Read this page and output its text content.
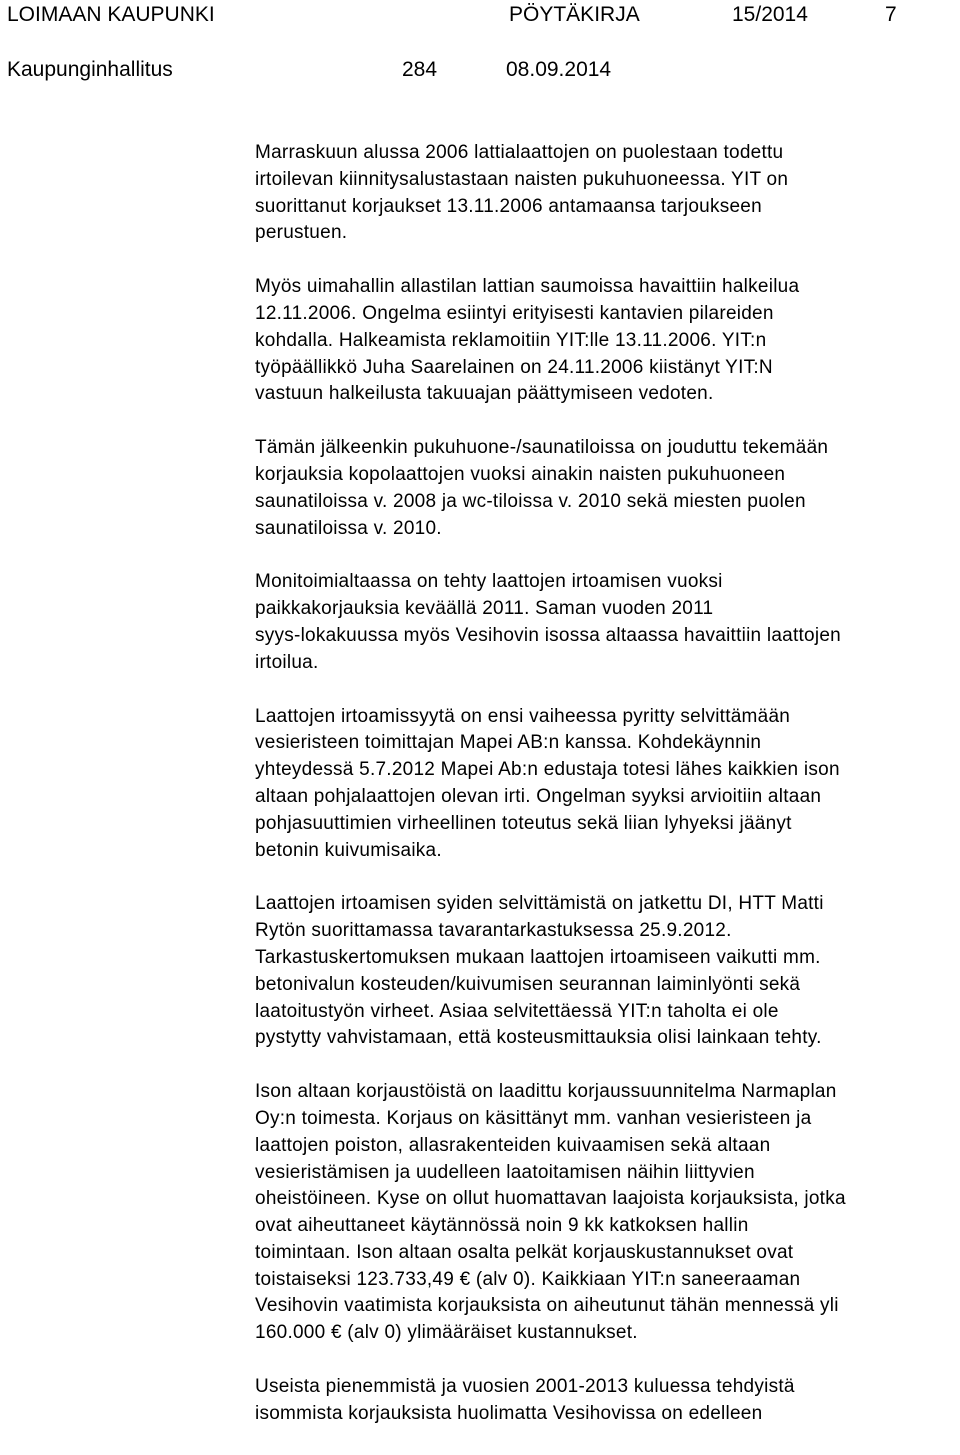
LOIMAAN KAUPUNKI	PÖYTÄKIRJA	15/2014	7
Kaupunginhallitus	284	08.09.2014

Marraskuun alussa 2006 lattialaattojen on puolestaan todettu
irtoilevan kiinnitysalustastaan naisten pukuhuoneessa. YIT on
suorittanut korjaukset 13.11.2006 antamaansa tarjoukseen
perustuen.

Myös uimahallin allastilan lattian saumoissa havaittiin halkeilua
12.11.2006. Ongelma esiintyi erityisesti kantavien pilareiden
kohdalla. Halkeamista reklamoitiin YIT:lle 13.11.2006. YIT:n
työpäällikkö Juha Saarelainen on 24.11.2006 kiistänyt YIT:N
vastuun halkeilusta takuuajan päättymiseen vedoten.

Tämän jälkeenkin pukuhuone-/saunatiloissa on jouduttu tekemään
korjauksia kopolaattojen vuoksi ainakin naisten pukuhuoneen
saunatiloissa v. 2008 ja wc-tiloissa v. 2010 sekä miesten puolen
saunatiloissa v. 2010.

Monitoimialtaassa on tehty laattojen irtoamisen vuoksi
paikkakorjauksia keväällä 2011. Saman vuoden 2011
syys-lokakuussa myös Vesihovin isossa altaassa havaittiin laattojen
irtoilua.

Laattojen irtoamissyytä on ensi vaiheessa pyritty selvittämään
vesieristeen toimittajan Mapei AB:n kanssa. Kohdekäynnin
yhteydessä 5.7.2012 Mapei Ab:n edustaja totesi lähes kaikkien ison
altaan pohjalaattojen olevan irti. Ongelman syyksi arvioitiin altaan
pohjasuuttimien virheellinen toteutus sekä liian lyhyeksi jäänyt
betonin kuivumisaika.

Laattojen irtoamisen syiden selvittämistä on jatkettu DI, HTT Matti
Rytön suorittamassa tavarantarkastuksessa 25.9.2012.
Tarkastuskertomuksen mukaan laattojen irtoamiseen vaikutti mm.
betonivalun kosteuden/kuivumisen seurannan laiminlyönti sekä
laatoitustyön virheet. Asiaa selvitettäessä YIT:n taholta ei ole
pystytty vahvistamaan, että kosteusmittauksia olisi lainkaan tehty.

Ison altaan korjaustöistä on laadittu korjaussuunnitelma Narmaplan
Oy:n toimesta. Korjaus on käsittänyt mm. vanhan vesieristeen ja
laattojen poiston, allasrakenteiden kuivaamisen sekä altaan
vesieristämisen ja uudelleen laatoitamisen näihin liittyvien
oheistöineen. Kyse on ollut huomattavan laajoista korjauksista, jotka
ovat aiheuttaneet käytännössä noin 9 kk katkoksen hallin
toimintaan. Ison altaan osalta pelkät korjauskustannukset ovat
toistaiseksi 123.733,49 € (alv 0). Kaikkiaan YIT:n saneeraaman
Vesihovin vaatimista korjauksista on aiheutunut tähän mennessä yli
160.000 € (alv 0) ylimääräiset kustannukset.

Useista pienemmistä ja vuosien 2001-2013 kuluessa tehdyistä
isommista korjauksista huolimatta Vesihovissa on edelleen
